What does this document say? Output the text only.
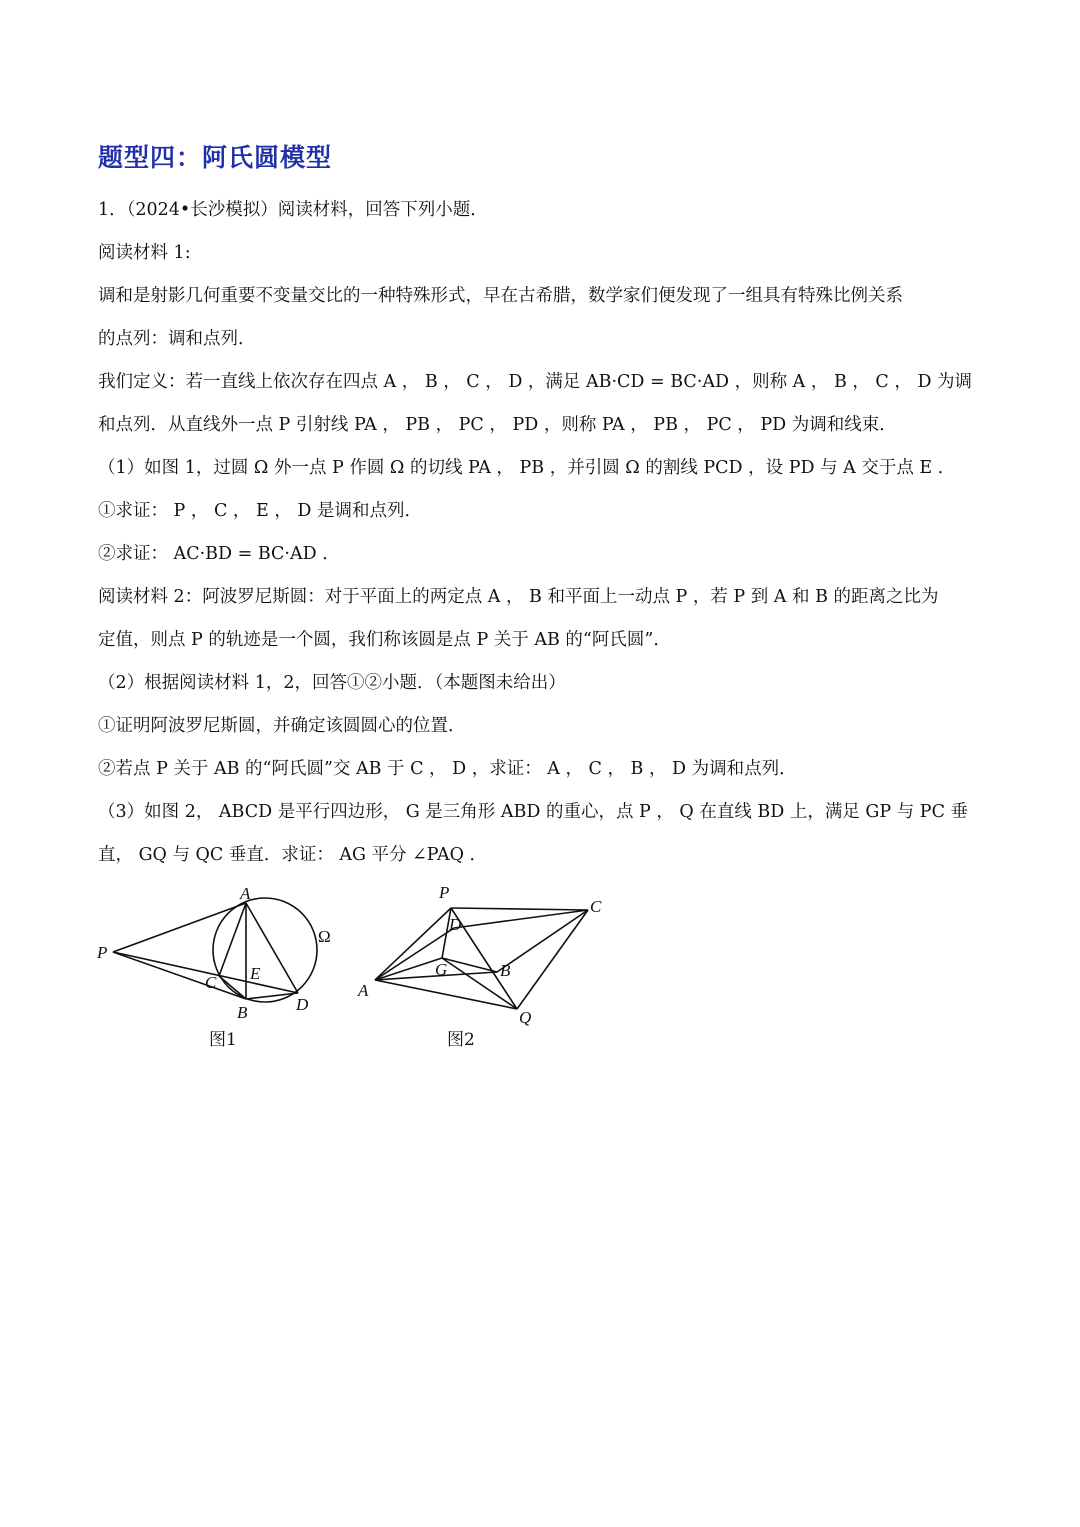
题型四：阿氏圆模型
1．（2024•长沙模拟）阅读材料，回答下列小题．
阅读材料 1:
调和是射影几何重要不变量交比的一种特殊形式，早在古希腊，数学家们便发现了一组具有特殊比例关系
的点列：调和点列．
我们定义：若一直线上依次存在四点 A ， B ， C ， D ，满足 AB·CD = BC·AD ，则称 A ， B ， C ， D 为调
和点列．从直线外一点 P 引射线 PA ， PB ， PC ， PD ，则称 PA ， PB ， PC ， PD 为调和线束．
（1）如图 1，过圆 Ω 外一点 P 作圆 Ω 的切线 PA ， PB ，并引圆 Ω 的割线 PCD ，设 PD 与 A 交于点 E ．
①求证： P ， C ， E ， D 是调和点列．
②求证： AC·BD = BC·AD ．
阅读材料 2：阿波罗尼斯圆：对于平面上的两定点 A ， B 和平面上一动点 P ，若 P 到 A 和 B 的距离之比为
定值，则点 P 的轨迹是一个圆，我们称该圆是点 P 关于 AB 的“阿氏圆”．
（2）根据阅读材料 1，2，回答①②小题．（本题图未给出）
①证明阿波罗尼斯圆，并确定该圆圆心的位置．
②若点 P 关于 AB 的“阿氏圆”交 AB 于 C ， D ，求证： A ， C ， B ， D 为调和点列．
（3）如图 2， ABCD 是平行四边形， G 是三角形 ABD 的重心，点 P ， Q 在直线 BD 上，满足 GP 与 PC 垂
直， GQ 与 QC 垂直．求证： AG 平分 ∠PAQ ．
A
P
C E
B	D
Ω
图1
P
D
C
G	B
A
Q
图2
